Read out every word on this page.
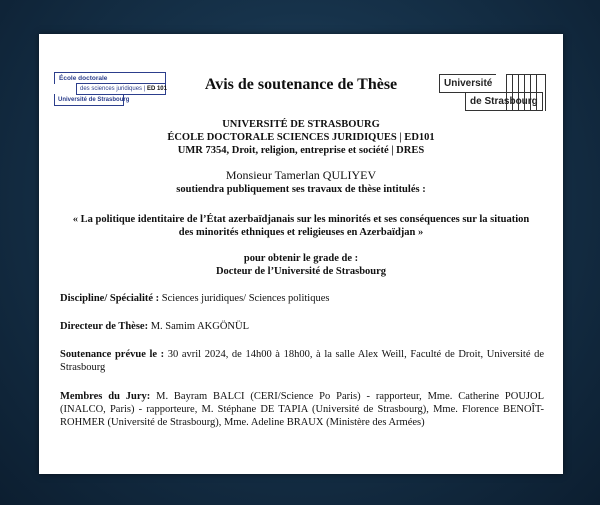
École doctorale
des sciences juridiques | ED 101
Université de Strasbourg
Avis de soutenance de Thèse	Université
de Strasbourg
UNIVERSITÉ DE STRASBOURG
ÉCOLE DOCTORALE SCIENCES JURIDIQUES | ED101
UMR 7354, Droit, religion, entreprise et société | DRES
Monsieur Tamerlan QULIYEV
soutiendra publiquement ses travaux de thèse intitulés :
« La politique identitaire de l’État azerbaïdjanais sur les minorités et ses conséquences sur la situation
des minorités ethniques et religieuses en Azerbaïdjan »
pour obtenir le grade de :
Docteur de l’Université de Strasbourg
Discipline/ Spécialité : Sciences juridiques/ Sciences politiques
Directeur de Thèse: M. Samim AKGÖNÜL
Soutenance prévue le : 30 avril 2024, de 14h00 à 18h00, à la salle Alex Weill, Faculté de Droit, Université de Strasbourg
Membres du Jury: M. Bayram BALCI (CERI/Science Po Paris) - rapporteur, Mme. Catherine POUJOL (INALCO, Paris) - rapporteure, M. Stéphane DE TAPIA (Université de Strasbourg), Mme. Florence BENOÎT-ROHMER (Université de Strasbourg), Mme. Adeline BRAUX (Ministère des Armées)
